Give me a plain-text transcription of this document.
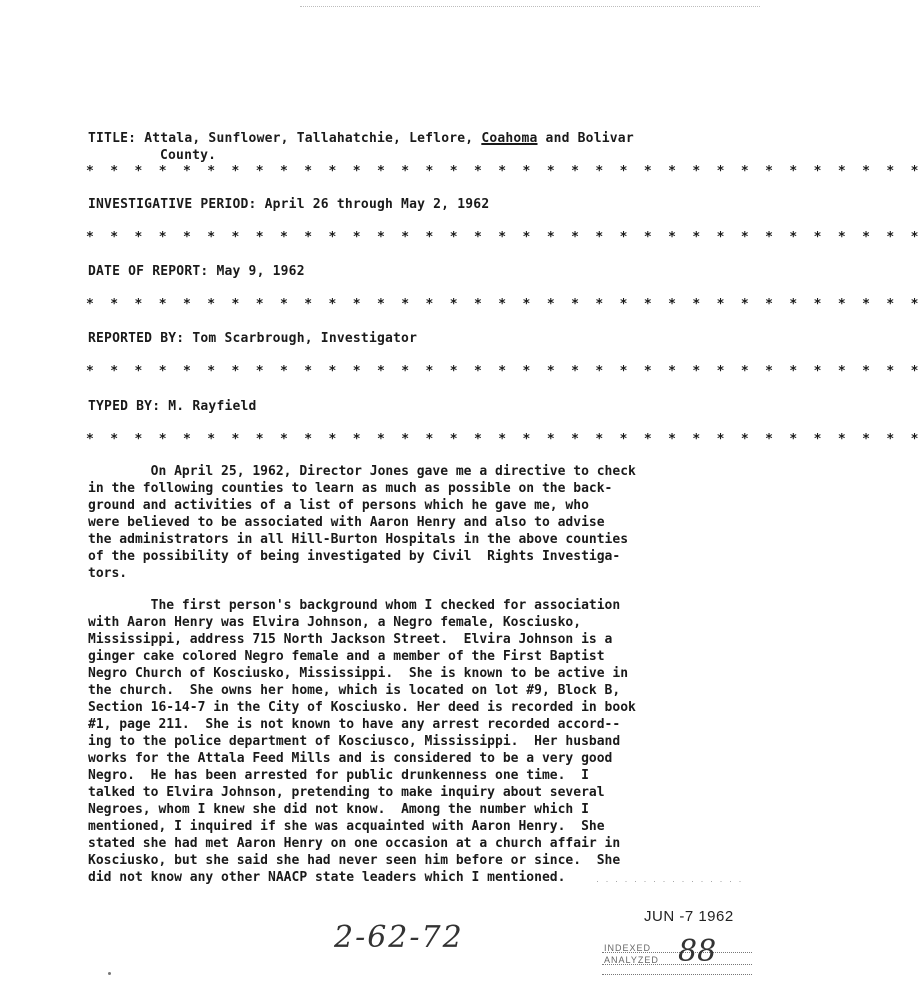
TITLE: Attala, Sunflower, Tallahatchie, Leflore, Coahoma and Bolivar
County.
* * * * * * * * * * * * * * * * * * * * * * * * * * * * * * * * * * *
INVESTIGATIVE PERIOD: April 26 through May 2, 1962
* * * * * * * * * * * * * * * * * * * * * * * * * * * * * * * * * * *
DATE OF REPORT: May 9, 1962
* * * * * * * * * * * * * * * * * * * * * * * * * * * * * * * * * * *
REPORTED BY: Tom Scarbrough, Investigator
* * * * * * * * * * * * * * * * * * * * * * * * * * * * * * * * * * *
TYPED BY: M. Rayfield
* * * * * * * * * * * * * * * * * * * * * * * * * * * * * * * * * * *
On April 25, 1962, Director Jones gave me a directive to check
in the following counties to learn as much as possible on the back-
ground and activities of a list of persons which he gave me, who
were believed to be associated with Aaron Henry and also to advise
the administrators in all Hill-Burton Hospitals in the above counties
of the possibility of being investigated by Civil  Rights Investiga-
tors.
The first person's background whom I checked for association
with Aaron Henry was Elvira Johnson, a Negro female, Kosciusko,
Mississippi, address 715 North Jackson Street.  Elvira Johnson is a
ginger cake colored Negro female and a member of the First Baptist
Negro Church of Kosciusko, Mississippi.  She is known to be active in
the church.  She owns her home, which is located on lot #9, Block B,
Section 16-14-7 in the City of Kosciusko. Her deed is recorded in book
#1, page 211.  She is not known to have any arrest recorded accord--
ing to the police department of Kosciusco, Mississippi.  Her husband
works for the Attala Feed Mills and is considered to be a very good
Negro.  He has been arrested for public drunkenness one time.  I
talked to Elvira Johnson, pretending to make inquiry about several
Negroes, whom I knew she did not know.  Among the number which I
mentioned, I inquired if she was acquainted with Aaron Henry.  She
stated she had met Aaron Henry on one occasion at a church affair in
Kosciusko, but she said she had never seen him before or since.  She
did not know any other NAACP state leaders which I mentioned.	· · · · · · · · · · · · · · · ·
JUN -7 1962
2-62-72	INDEXED
ANALYZED 88
